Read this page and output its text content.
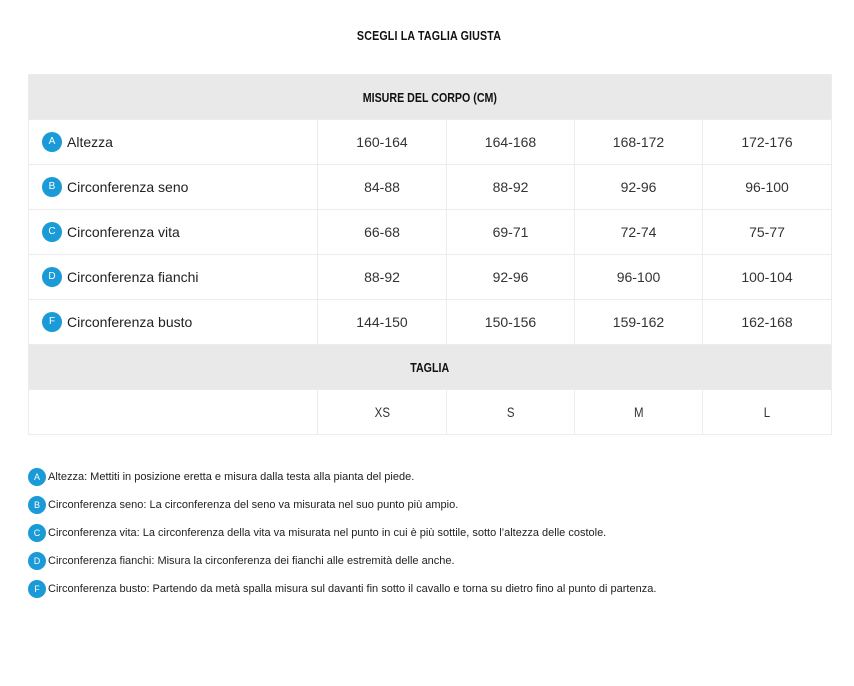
SCEGLI LA TAGLIA GIUSTA
MISURE DEL CORPO (CM)				
A Altezza	160-164	164-168	168-172	172-176
B Circonferenza seno	84-88	88-92	92-96	96-100
C Circonferenza vita	66-68	69-71	72-74	75-77
D Circonferenza fianchi	88-92	92-96	96-100	100-104
F Circonferenza busto	144-150	150-156	159-162	162-168
TAGLIA				
	XS	S	M	L
A Altezza: Mettiti in posizione eretta e misura dalla testa alla pianta del piede.
B Circonferenza seno: La circonferenza del seno va misurata nel suo punto più ampio.
C Circonferenza vita: La circonferenza della vita va misurata nel punto in cui è più sottile, sotto l’altezza delle costole.
D Circonferenza fianchi: Misura la circonferenza dei fianchi alle estremità delle anche.
F Circonferenza busto: Partendo da metà spalla misura sul davanti fin sotto il cavallo e torna su dietro fino al punto di partenza.
